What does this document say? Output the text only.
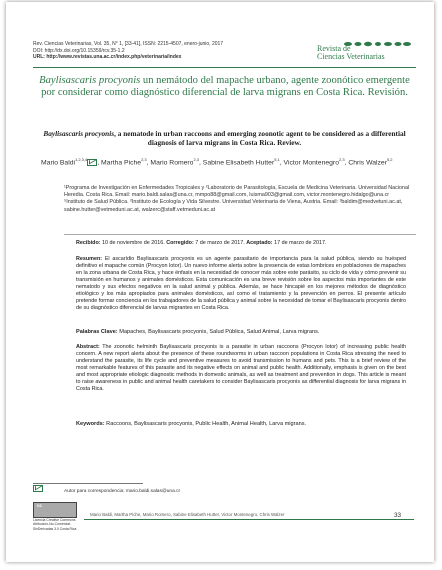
Rev. Ciencias Veterinarias, Vol. 35, N° 1, [33-41], ISSN: 2215-4507, enero-junio, 2017
DOI: http://dx.doi.org/10.15359/rcv.35-1.2
URL: http://www.revistas.una.ac.cr/index.php/veterinaria/index
Revista de
Ciencias Veterinarias
Baylisascaris procyonis un nemátodo del mapache urbano, agente zoonótico emergente por considerar como diagnóstico diferencial de larva migrans en Costa Rica. Revisión.
Baylisascaris procyonis, a nematode in urban raccoons and emerging zoonotic agent to be considered as a differential diagnosis of larva migrans in Costa Rica. Review.
Mario Baldi$^{1,2,3,4}$ , Martha Piche$^{2,3}$, Mario Romero$^{2,3}$, Sabine Elisabeth Hutter$^{5,1}$, Victor Montenegro$^{2,3}$, Chris Walzer$^{5,2}$
¹Programa de Investigación en Enfermedades Tropicales y ²Laboratorio de Parasitología, Escuela de Medicina Veterinaria. Universidad Nacional Heredia. Costa Rica. Email: mario.baldi.salas@una.cr, mmpo88@gmail.com, luisma903@gmail.com, victor.montenegro.hidalgo@una.cr
⁵Instituto de Salud Pública. ²Instituto de Ecología y Vida Silvestre. Universidad Veterinaria de Viena, Austria. Email: ³baldim@medvetuni.ac.at, sabine.hutter@vetmeduni.ac.at, walzerc@staff.vetmeduni.ac.at
Recibido: 10 de noviembre de 2016. Corregido: 7 de marzo de 2017. Aceptado: 17 de marzo de 2017.
Resumen: El ascarídio Baylisascaris procyonis es un agente parasitario de importancia para la salud pública, siendo su huésped definitivo el mapache común (Procyon lotor). Un nuevo informe alerta sobre la presencia de estas lombrices en poblaciones de mapaches en la zona urbana de Costa Rica, y hace énfasis en la necesidad de conocer más sobre este parásito, su ciclo de vida y cómo prevenir su transmisión en humanos y animales domésticos. Esta comunicación es una breve revisión sobre los aspectos más importantes de este nematodo y sus efectos negativos en la salud animal y pública. Además, se hace hincapié en los mejores métodos de diagnóstico etiológico y los más apropiados para animales domésticos, así como el tratamiento y la prevención en perros. El presente artículo pretende formar conciencia en los trabajadores de la salud pública y animal sobre la necesidad de tomar el Baylisascaris procyonis dentro de su diagnóstico diferencial de larvas migrantes en Costa Rica.
Palabras Clave: Mapaches, Baylisascaris procyonis, Salud Pública, Salud Animal, Larva migrans.
Abstract: The zoonotic helminth Baylisascaris procyonis is a parasite in urban raccoons (Procyon lotor) of increasing public health concern. A new report alerts about the presence of these roundworms in urban raccoon populations in Costa Rica stressing the need to understand the parasite, its life cycle and preventive measures to avoid transmission to humans and pets. This is a brief review of the most remarkable features of this parasite and its negative effects on animal and public health. Additionally, emphasis is given on the best and most appropriate etiologic diagnostic methods in domestic animals, as well as treatment and prevention in dogs. This article is meant to raise awareness in public and animal health caretakers to consider Baylisascaris procyonis as differential diagnosis for larva migrans in Costa Rica.
Keywords: Raccoons, Baylisascaris procyonis, Public Health, Animal Health, Larva migrans.
Autor para correspondencia: mario.baldi.salas@una.cr
cc
Licencia Creative Commons Atribución-No-Comercial-SinDerivadas 3.0 Costa Rica
Mario Baldi, Martha Piche, Mario Romero, Sabine Elisabeth Hutter, Victor Montenegro, Chris Walzer	33
